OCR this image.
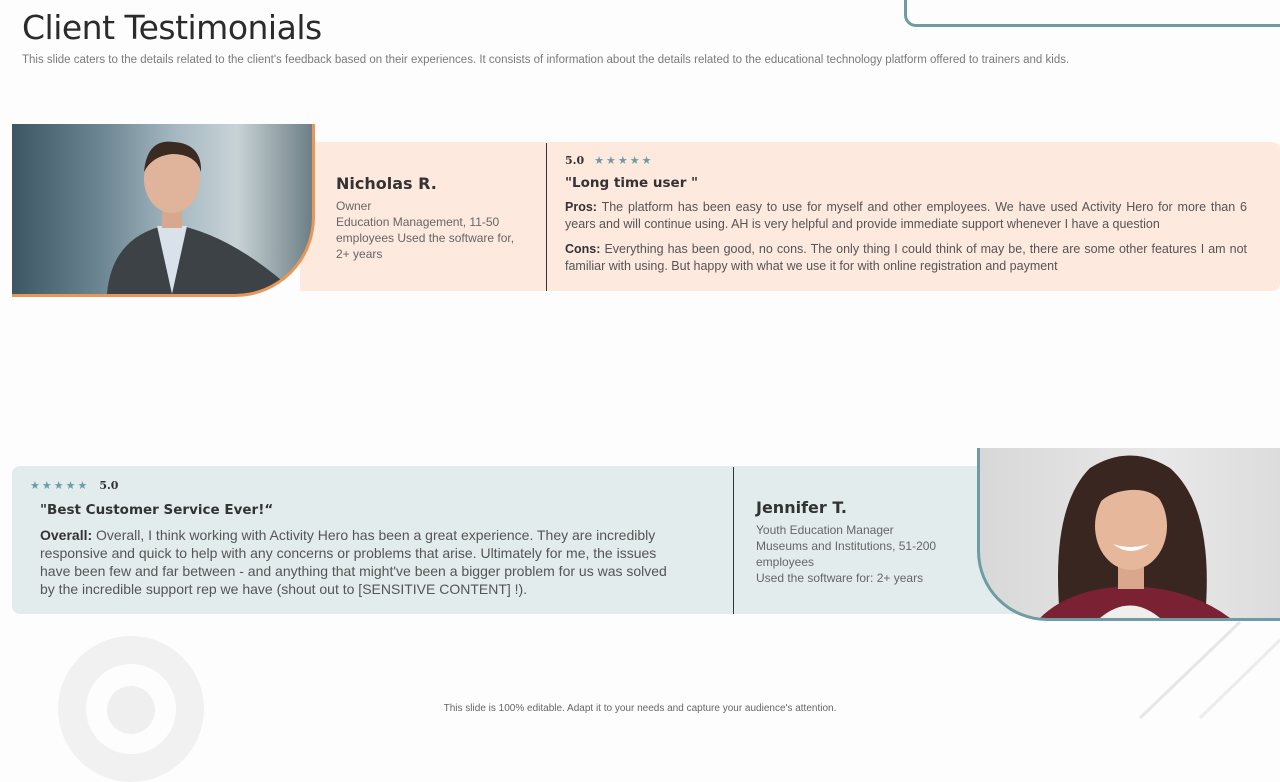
Client Testimonials
This slide caters to the details related to the client's feedback based on their experiences. It consists of information about the details related to the educational technology platform offered to trainers and kids.
Nicholas R.
Owner
Education Management, 11-50 employees Used the software for, 2+ years
5.0 ★★★★★
"Long time user "
Pros: The platform has been easy to use for myself and other employees. We have used Activity Hero for more than 6 years and will continue using. AH is very helpful and provide immediate support whenever I have a question
Cons: Everything has been good, no cons. The only thing I could think of may be, there are some other features I am not familiar with using. But happy with what we use it for with online registration and payment
★★★★★ 5.0
"Best Customer Service Ever!“
Overall: Overall, I think working with Activity Hero has been a great experience. They are incredibly responsive and quick to help with any concerns or problems that arise. Ultimately for me, the issues have been few and far between - and anything that might've been a bigger problem for us was solved by the incredible support rep we have (shout out to [SENSITIVE CONTENT] !).
Jennifer T.
Youth Education Manager
Museums and Institutions, 51-200 employees
Used the software for: 2+ years
This slide is 100% editable. Adapt it to your needs and capture your audience's attention.
